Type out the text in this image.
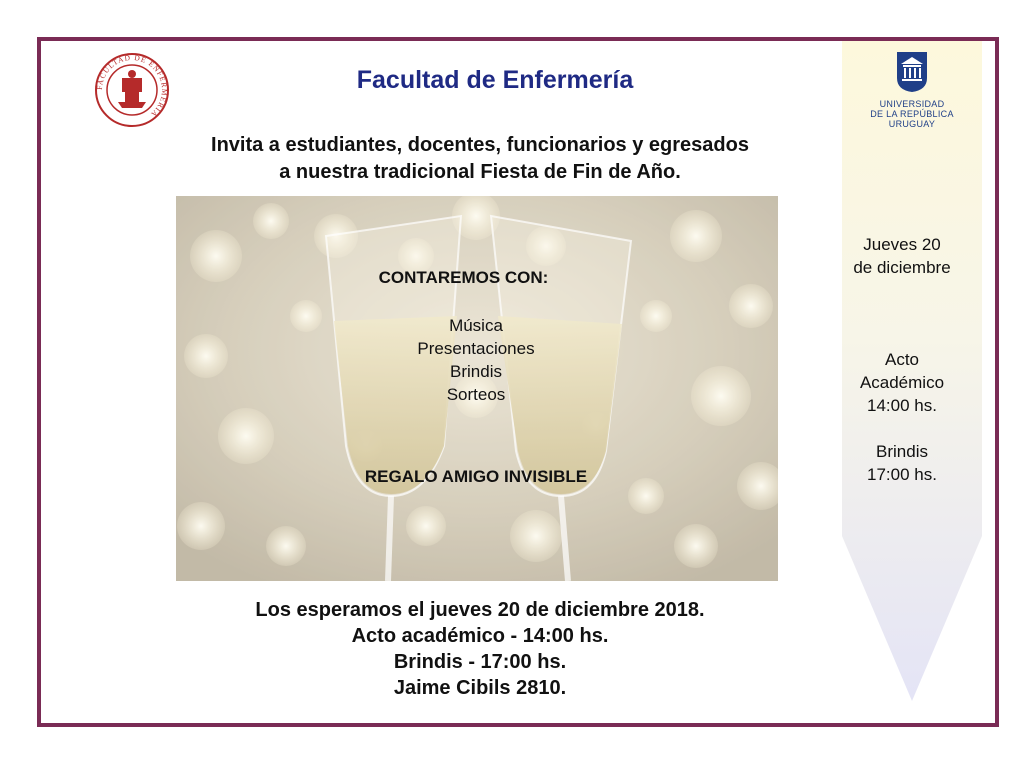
FACULTAD DE ENFERMERÍA
Facultad de Enfermería
Invita a estudiantes, docentes, funcionarios y egresados
a nuestra tradicional Fiesta de Fin de Año.
CONTAREMOS CON:
Música
Presentaciones
Brindis
Sorteos
REGALO AMIGO INVISIBLE
Los esperamos el jueves 20 de diciembre 2018.
Acto académico - 14:00 hs.
Brindis - 17:00 hs.
Jaime Cibils 2810.
UNIVERSIDAD
DE LA REPÚBLICA
URUGUAY
Jueves 20
de diciembre
Acto
Académico
14:00 hs.
Brindis
17:00 hs.
